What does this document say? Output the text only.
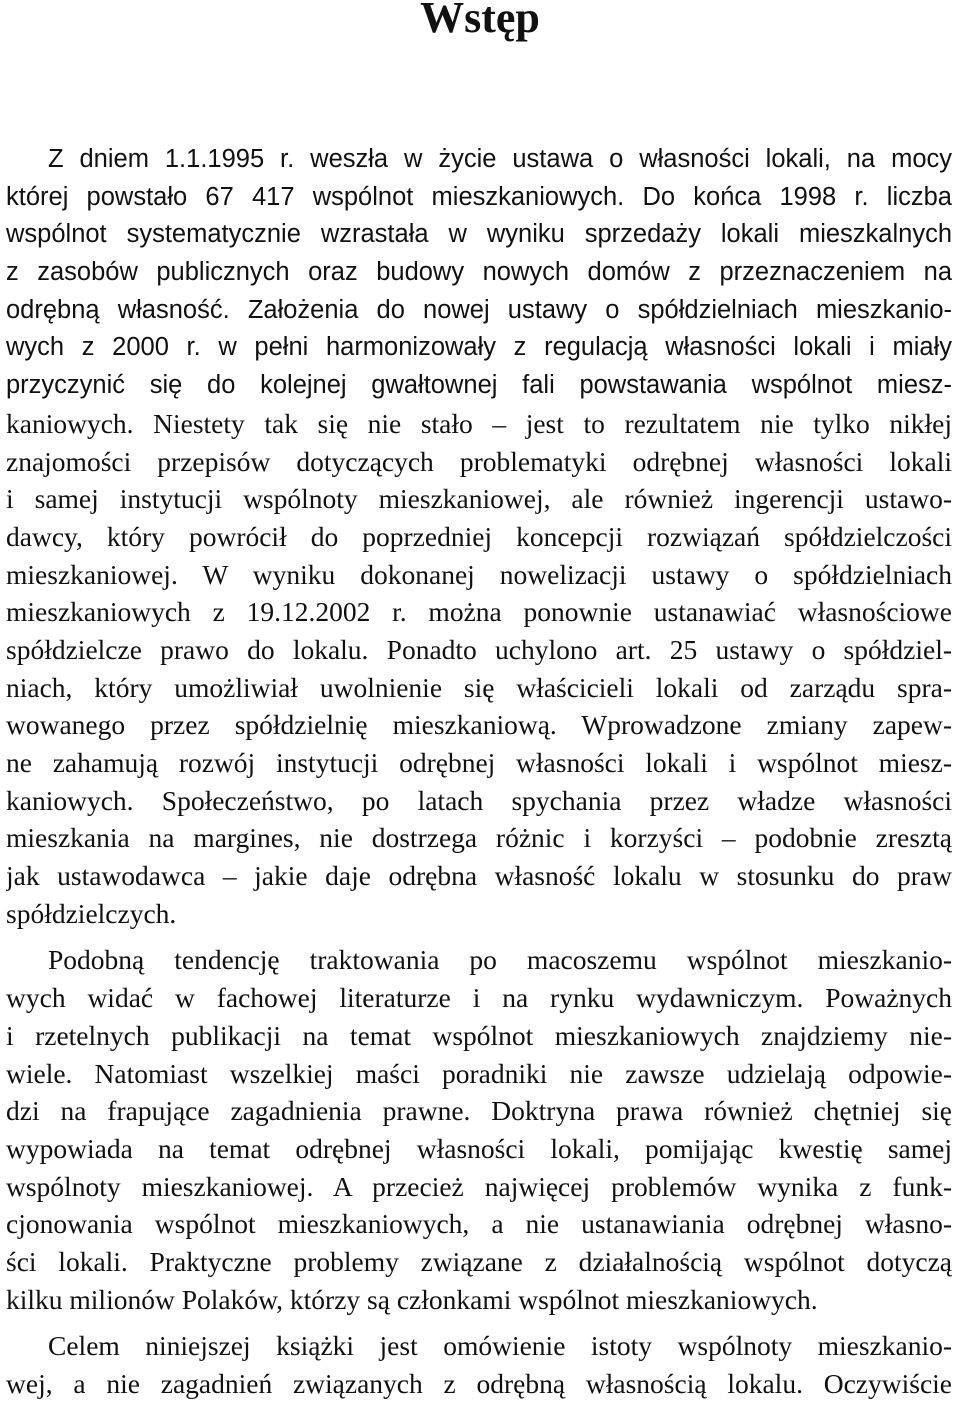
Wstęp
Z dniem 1.1.1995 r. weszła w życie ustawa o własności lokali, na mocy
której powstało 67 417 wspólnot mieszkaniowych. Do końca 1998 r. liczba
wspólnot systematycznie wzrastała w wyniku sprzedaży lokali mieszkalnych
z zasobów publicznych oraz budowy nowych domów z przeznaczeniem na
odrębną własność. Założenia do nowej ustawy o spółdzielniach mieszkanio-
wych z 2000 r. w pełni harmonizowały z regulacją własności lokali i miały
przyczynić się do kolejnej gwałtownej fali powstawania wspólnot miesz-
kaniowych. Niestety tak się nie stało – jest to rezultatem nie tylko nikłej
znajomości przepisów dotyczących problematyki odrębnej własności lokali
i samej instytucji wspólnoty mieszkaniowej, ale również ingerencji ustawo-
dawcy, który powrócił do poprzedniej koncepcji rozwiązań spółdzielczości
mieszkaniowej. W wyniku dokonanej nowelizacji ustawy o spółdzielniach
mieszkaniowych z 19.12.2002 r. można ponownie ustanawiać własnościowe
spółdzielcze prawo do lokalu. Ponadto uchylono art. 25 ustawy o spółdziel-
niach, który umożliwiał uwolnienie się właścicieli lokali od zarządu spra-
wowanego przez spółdzielnię mieszkaniową. Wprowadzone zmiany zapew-
ne zahamują rozwój instytucji odrębnej własności lokali i wspólnot miesz-
kaniowych. Społeczeństwo, po latach spychania przez władze własności
mieszkania na margines, nie dostrzega różnic i korzyści – podobnie zresztą
jak ustawodawca – jakie daje odrębna własność lokalu w stosunku do praw
spółdzielczych.
Podobną tendencję traktowania po macoszemu wspólnot mieszkanio-
wych widać w fachowej literaturze i na rynku wydawniczym. Poważnych
i rzetelnych publikacji na temat wspólnot mieszkaniowych znajdziemy nie-
wiele. Natomiast wszelkiej maści poradniki nie zawsze udzielają odpowie-
dzi na frapujące zagadnienia prawne. Doktryna prawa również chętniej się
wypowiada na temat odrębnej własności lokali, pomijając kwestię samej
wspólnoty mieszkaniowej. A przecież najwięcej problemów wynika z funk-
cjonowania wspólnot mieszkaniowych, a nie ustanawiania odrębnej własno-
ści lokali. Praktyczne problemy związane z działalnością wspólnot dotyczą
kilku milionów Polaków, którzy są członkami wspólnot mieszkaniowych.
Celem niniejszej książki jest omówienie istoty wspólnoty mieszkanio-
wej, a nie zagadnień związanych z odrębną własnością lokalu. Oczywiście
